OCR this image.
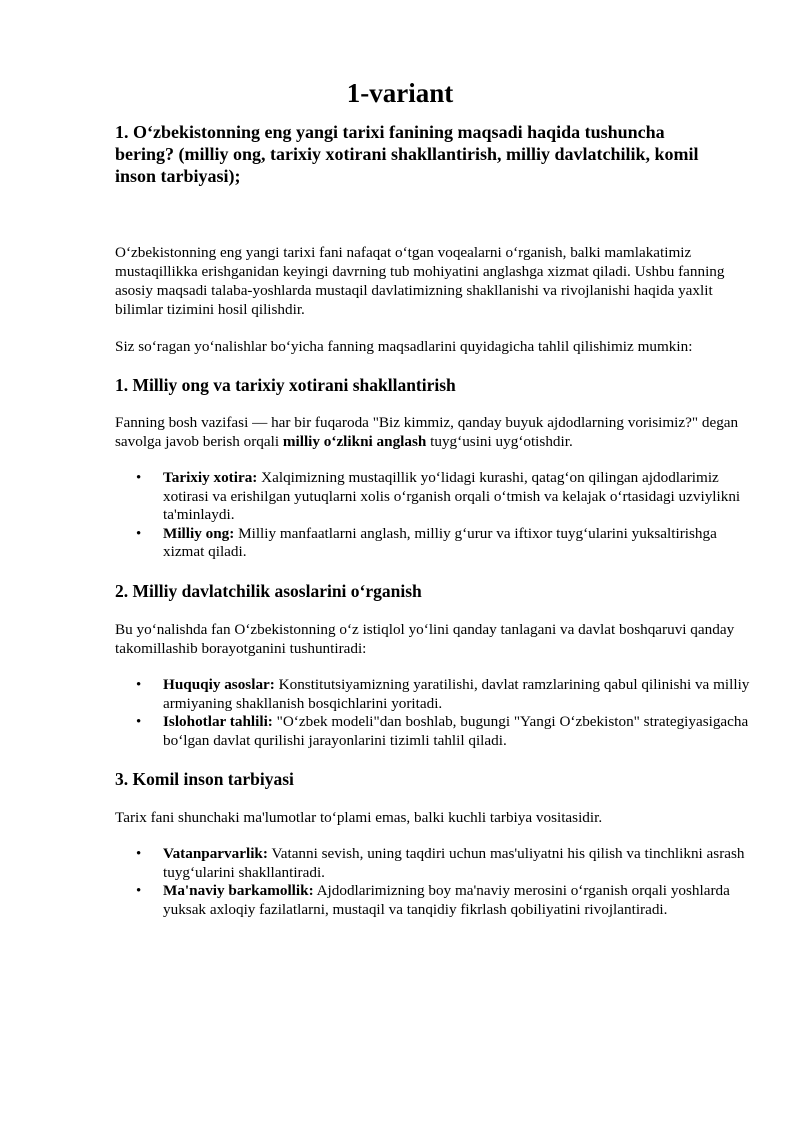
1-variant
1. O‘zbekistonning eng yangi tarixi fanining maqsadi haqida tushuncha bering? (milliy ong, tarixiy xotirani shakllantirish, milliy davlatchilik, komil inson tarbiyasi);

O‘zbekistonning eng yangi tarixi fani nafaqat o‘tgan voqealarni o‘rganish, balki mamlakatimiz mustaqillikka erishganidan keyingi davrning tub mohiyatini anglashga xizmat qiladi. Ushbu fanning asosiy maqsadi talaba-yoshlarda mustaqil davlatimizning shakllanishi va rivojlanishi haqida yaxlit bilimlar tizimini hosil qilishdir.

Siz so‘ragan yo‘nalishlar bo‘yicha fanning maqsadlarini quyidagicha tahlil qilishimiz mumkin:

1. Milliy ong va tarixiy xotirani shakllantirish

Fanning bosh vazifasi — har bir fuqaroda "Biz kimmiz, qanday buyuk ajdodlarning vorisimiz?" degan savolga javob berish orqali milliy o‘zlikni anglash tuyg‘usini uyg‘otishdir.

• Tarixiy xotira: Xalqimizning mustaqillik yo‘lidagi kurashi, qatag‘on qilingan ajdodlarimiz xotirasi va erishilgan yutuqlarni xolis o‘rganish orqali o‘tmish va kelajak o‘rtasidagi uzviylikni ta'minlaydi.
• Milliy ong: Milliy manfaatlarni anglash, milliy g‘urur va iftixor tuyg‘ularini yuksaltirishga xizmat qiladi.
2. Milliy davlatchilik asoslarini o‘rganish

Bu yo‘nalishda fan O‘zbekistonning o‘z istiqlol yo‘lini qanday tanlagani va davlat boshqaruvi qanday takomillashib borayotganini tushuntiradi:

• Huquqiy asoslar: Konstitutsiyamizning yaratilishi, davlat ramzlarining qabul qilinishi va milliy armiyaning shakllanish bosqichlarini yoritadi.
• Islohotlar tahlili: "O‘zbek modeli"dan boshlab, bugungi "Yangi O‘zbekiston" strategiyasigacha bo‘lgan davlat qurilishi jarayonlarini tizimli tahlil qiladi.
3. Komil inson tarbiyasi

Tarix fani shunchaki ma'lumotlar to‘plami emas, balki kuchli tarbiya vositasidir.

• Vatanparvarlik: Vatanni sevish, uning taqdiri uchun mas'uliyatni his qilish va tinchlikni asrash tuyg‘ularini shakllantiradi.
• Ma'naviy barkamollik: Ajdodlarimizning boy ma'naviy merosini o‘rganish orqali yoshlarda yuksak axloqiy fazilatlarni, mustaqil va tanqidiy fikrlash qobiliyatini rivojlantiradi.
